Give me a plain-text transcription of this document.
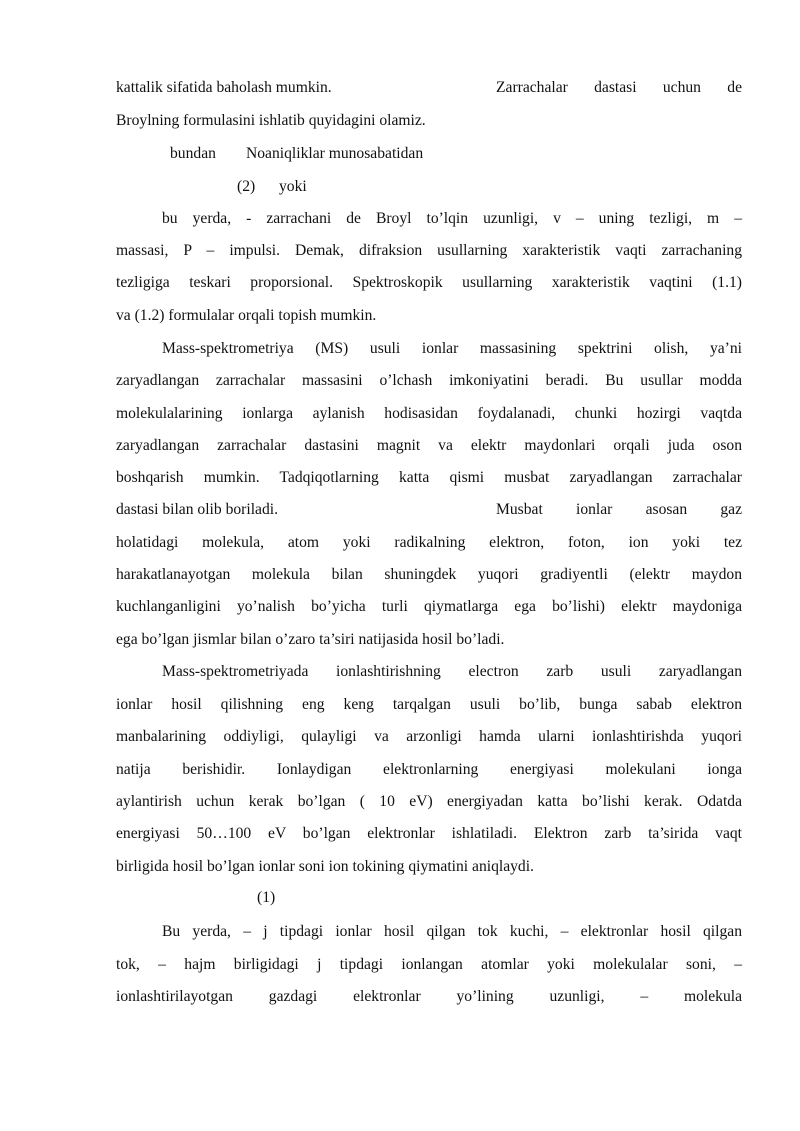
kattalik sifatida baholash mumkin.	Zarrachalar dastasi uchun de
Broylning formulasini ishlatib quyidagini olamiz.
bundan Noaniqliklar munosabatidan
(2) yoki
bu yerda, - zarrachani de Broyl to’lqin uzunligi, v – uning tezligi, m –
massasi, P – impulsi. Demak, difraksion usullarning xarakteristik vaqti zarrachaning
tezligiga teskari proporsional. Spektroskopik usullarning xarakteristik vaqtini (1.1)
va (1.2) formulalar orqali topish mumkin.
Mass-spektrometriya (MS) usuli ionlar massasining spektrini olish, ya’ni
zaryadlangan zarrachalar massasini o’lchash imkoniyatini beradi. Bu usullar modda
molekulalarining ionlarga aylanish hodisasidan foydalanadi, chunki hozirgi vaqtda
zaryadlangan zarrachalar dastasini magnit va elektr maydonlari orqali juda oson
boshqarish mumkin. Tadqiqotlarning katta qismi musbat zaryadlangan zarrachalar
dastasi bilan olib boriladi.	Musbat ionlar asosan gaz
holatidagi molekula, atom yoki radikalning elektron, foton, ion yoki tez
harakatlanayotgan molekula bilan shuningdek yuqori gradiyentli (elektr maydon
kuchlanganligini yo’nalish bo’yicha turli qiymatlarga ega bo’lishi) elektr maydoniga
ega bo’lgan jismlar bilan o’zaro ta’siri natijasida hosil bo’ladi.
Mass-spektrometriyada ionlashtirishning electron zarb usuli zaryadlangan
ionlar hosil qilishning eng keng tarqalgan usuli bo’lib, bunga sabab elektron
manbalarining oddiyligi, qulayligi va arzonligi hamda ularni ionlashtirishda yuqori
natija berishidir. Ionlaydigan elektronlarning energiyasi molekulani ionga
aylantirish uchun kerak bo’lgan ( 10 eV) energiyadan katta bo’lishi kerak. Odatda
energiyasi 50…100 eV bo’lgan elektronlar ishlatiladi. Elektron zarb ta’sirida vaqt
birligida hosil bo’lgan ionlar soni ion tokining qiymatini aniqlaydi.
(1)
Bu yerda, – j tipdagi ionlar hosil qilgan tok kuchi, – elektronlar hosil qilgan
tok, – hajm birligidagi j tipdagi ionlangan atomlar yoki molekulalar soni, –
ionlashtirilayotgan gazdagi elektronlar yo’lining uzunligi, – molekula
